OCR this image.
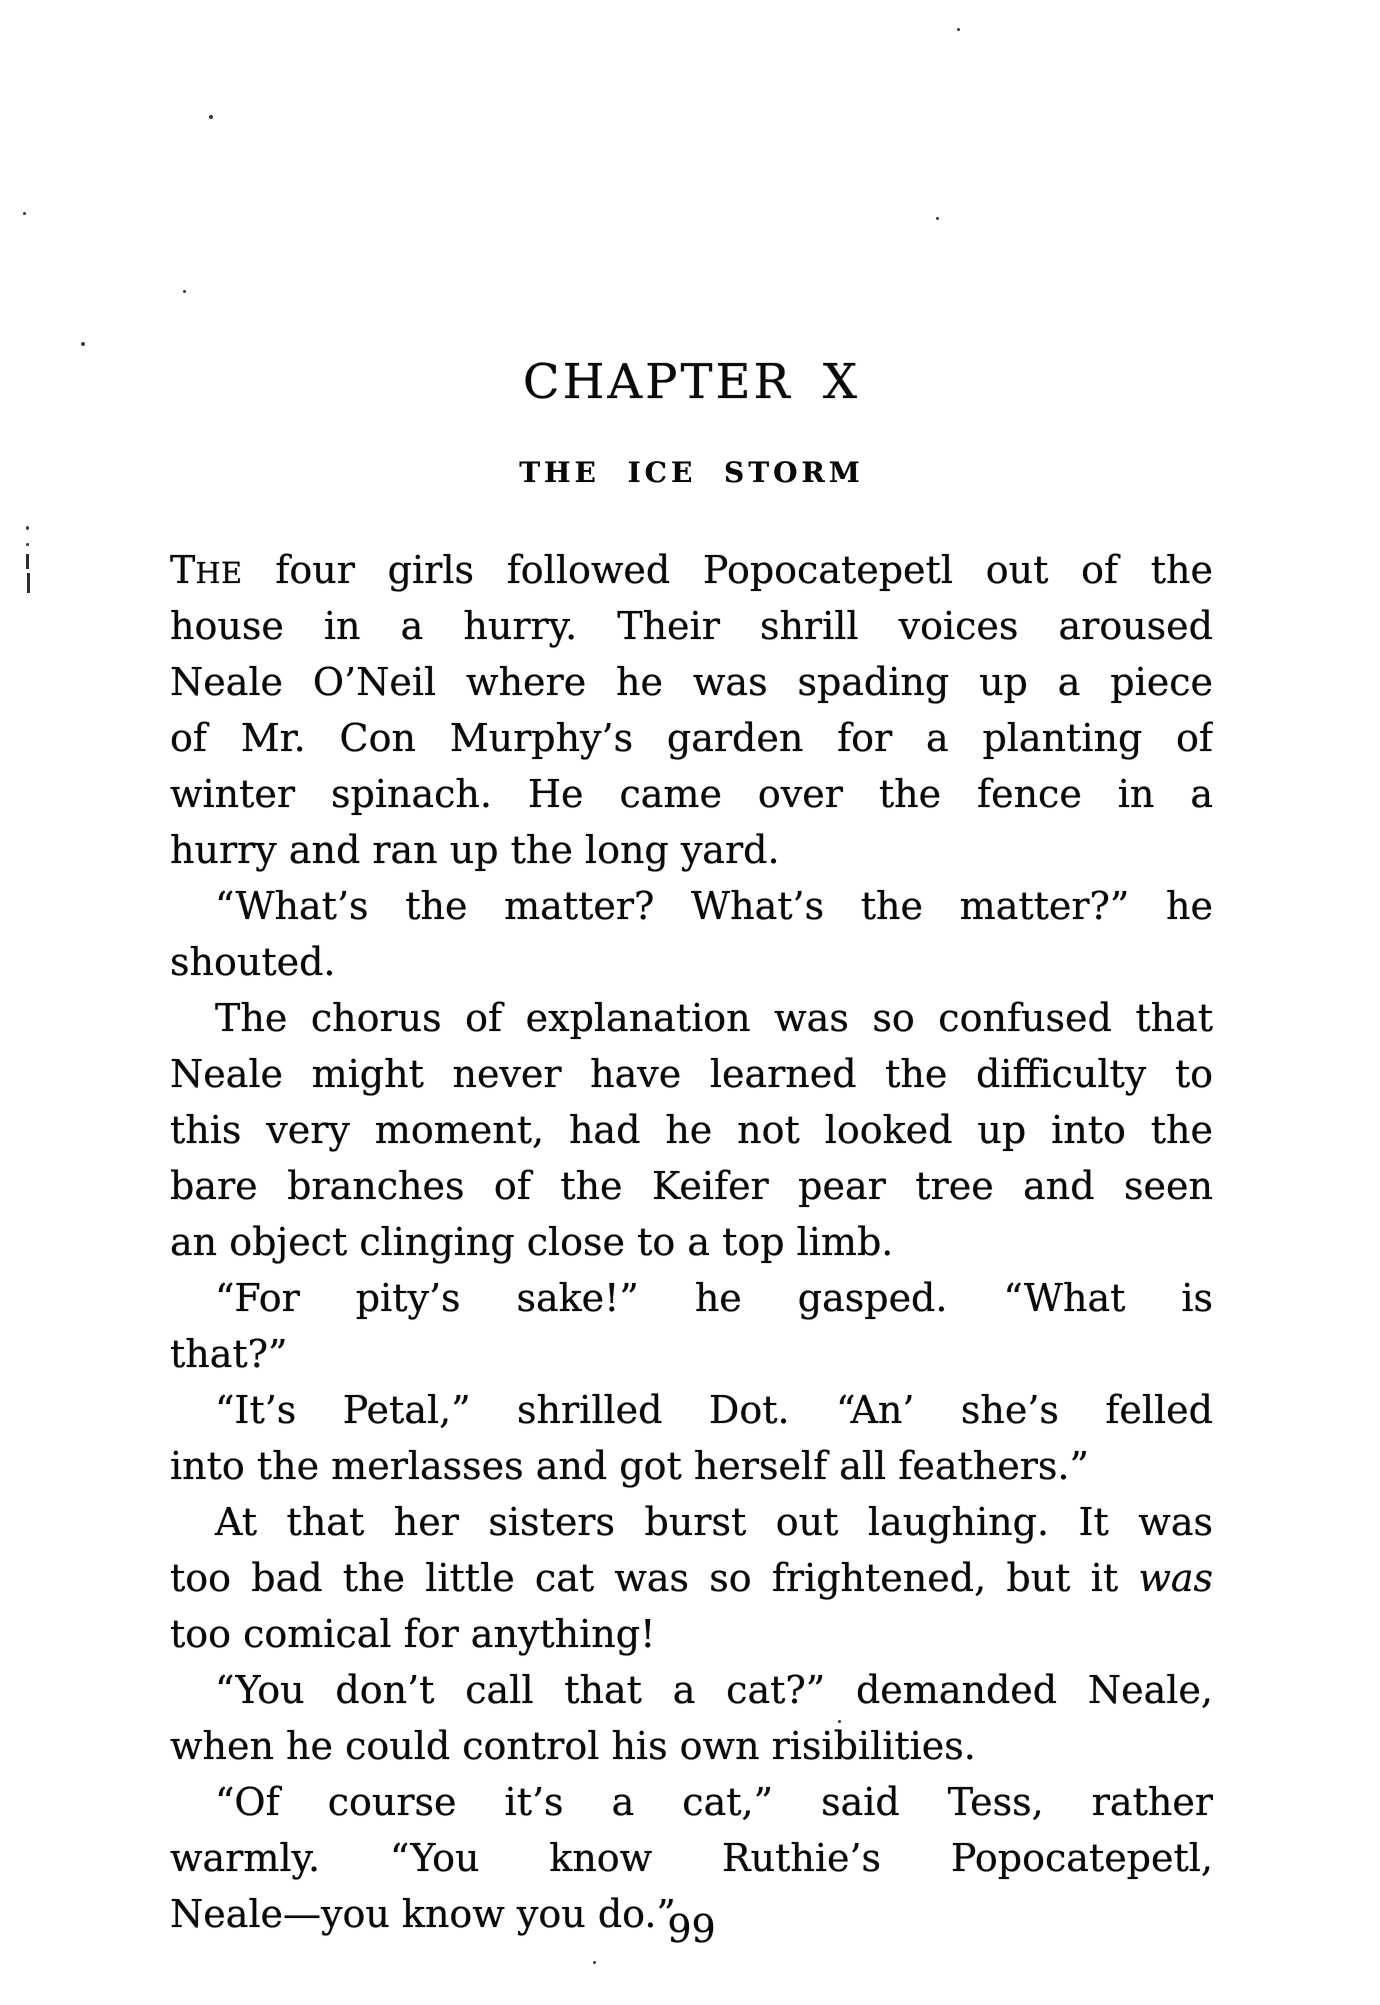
CHAPTER X
THE ICE STORM
THE four girls followed Popocatepetl out of the
house in a hurry. Their shrill voices aroused
Neale O’Neil where he was spading up a piece
of Mr. Con Murphy’s garden for a planting of
winter spinach. He came over the fence in a
hurry and ran up the long yard.
“What’s the matter? What’s the matter?” he
shouted.
The chorus of explanation was so confused that
Neale might never have learned the difficulty to
this very moment, had he not looked up into the
bare branches of the Keifer pear tree and seen
an object clinging close to a top limb.
“For pity’s sake!” he gasped. “What is
that?”
“It’s Petal,” shrilled Dot. “An’ she’s felled
into the merlasses and got herself all feathers.”
At that her sisters burst out laughing. It was
too bad the little cat was so frightened, but it was
too comical for anything!
“You don’t call that a cat?” demanded Neale,
when he could control his own risibilities.
“Of course it’s a cat,” said Tess, rather
warmly. “You know Ruthie’s Popocatepetl,
Neale—you know you do.”
99
